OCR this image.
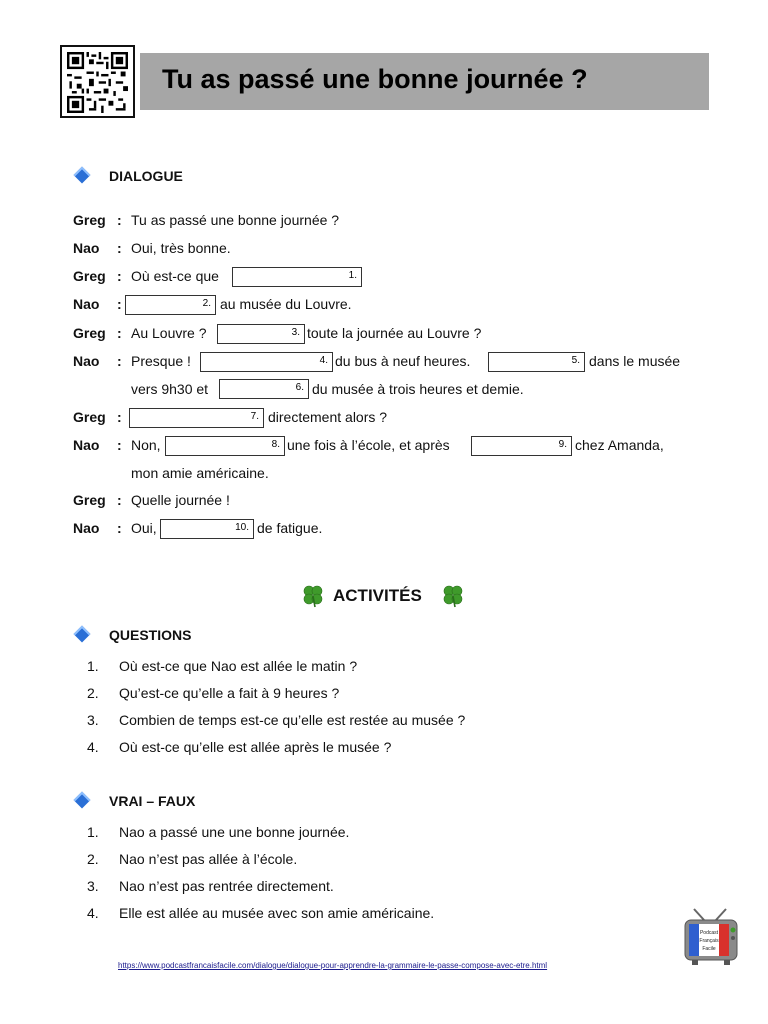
Tu as passé une bonne journée ?
DIALOGUE
Greg : Tu as passé une bonne journée ?
Nao : Oui, très bonne.
Greg : Où est-ce que	1.
Nao :	2. au musée du Louvre.
Greg : Au Louvre ?	3. toute la journée au Louvre ?
Nao : Presque !	4. du bus à neuf heures.	5. dans le musée
vers 9h30 et	6. du musée à trois heures et demie.
Greg :	7. directement alors ?
Nao : Non,	8. une fois à l’école, et après	9. chez Amanda,
mon amie américaine.
Greg : Quelle journée !
Nao : Oui,	10. de fatigue.
ACTIVITÉS
QUESTIONS
1. Où est-ce que Nao est allée le matin ?
2. Qu’est-ce qu’elle a fait à 9 heures ?
3. Combien de temps est-ce qu’elle est restée au musée ?
4. Où est-ce qu’elle est allée après le musée ?
VRAI – FAUX
1. Nao a passé une une bonne journée.
2. Nao n’est pas allée à l’école.
3. Nao n’est pas rentrée directement.
4. Elle est allée au musée avec son amie américaine.
Podcast
Français
Facile
https://www.podcastfrancaisfacile.com/dialogue/dialogue-pour-apprendre-la-grammaire-le-passe-compose-avec-etre.html
